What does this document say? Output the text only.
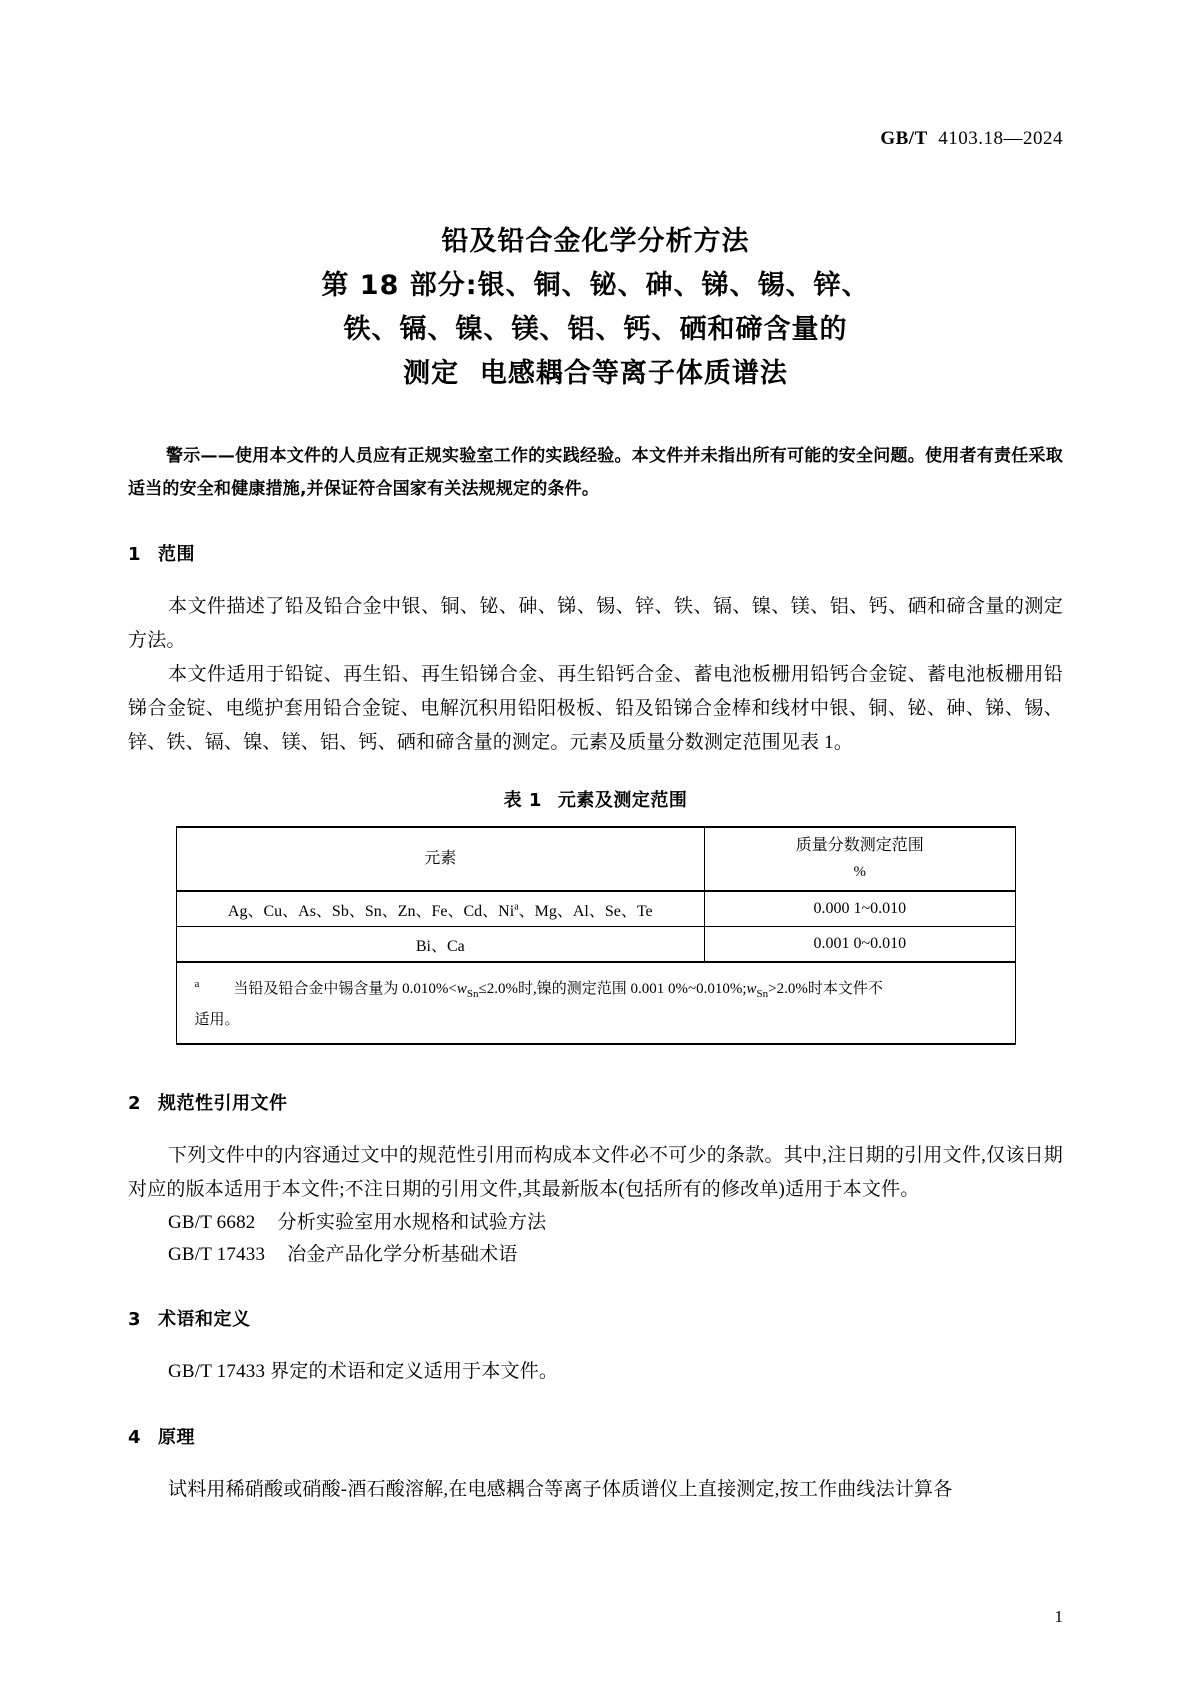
GB/T 4103.18—2024
铅及铅合金化学分析方法
第 18 部分:银、铜、铋、砷、锑、锡、锌、
铁、镉、镍、镁、铝、钙、硒和碲含量的
测定  电感耦合等离子体质谱法
警示——使用本文件的人员应有正规实验室工作的实践经验。本文件并未指出所有可能的安全问题。使用者有责任采取适当的安全和健康措施,并保证符合国家有关法规规定的条件。
1 范围

本文件描述了铅及铅合金中银、铜、铋、砷、锑、锡、锌、铁、镉、镍、镁、铝、钙、硒和碲含量的测定方法。

本文件适用于铅锭、再生铅、再生铅锑合金、再生铅钙合金、蓄电池板栅用铅钙合金锭、蓄电池板栅用铅锑合金锭、电缆护套用铅合金锭、电解沉积用铅阳极板、铅及铅锑合金棒和线材中银、铜、铋、砷、锑、锡、锌、铁、镉、镍、镁、铝、钙、硒和碲含量的测定。元素及质量分数测定范围见表 1。

表 1 元素及测定范围
元素	质量分数测定范围
%

Ag、Cu、As、Sb、Sn、Zn、Fe、Cd、Ni$^a$、Mg、Al、Se、Te	0.000 1~0.010
Bi、Ca	0.001 0~0.010
$^a$ 当铅及铅合金中锡含量为 $0.010\%<w_{Sn}\le 2.0\%$时,镍的测定范围 0.001 $0\%\sim 0.010\%;w_{Sn}>2.0\%$时本文件不
适用。	
2 规范性引用文件

下列文件中的内容通过文中的规范性引用而构成本文件必不可少的条款。其中,注日期的引用文件,仅该日期对应的版本适用于本文件;不注日期的引用文件,其最新版本(包括所有的修改单)适用于本文件。

GB/T 6682 分析实验室用水规格和试验方法

GB/T 17433 冶金产品化学分析基础术语

3 术语和定义

GB/T 17433 界定的术语和定义适用于本文件。

4 原理

试料用稀硝酸或硝酸-酒石酸溶解,在电感耦合等离子体质谱仪上直接测定,按工作曲线法计算各

1
